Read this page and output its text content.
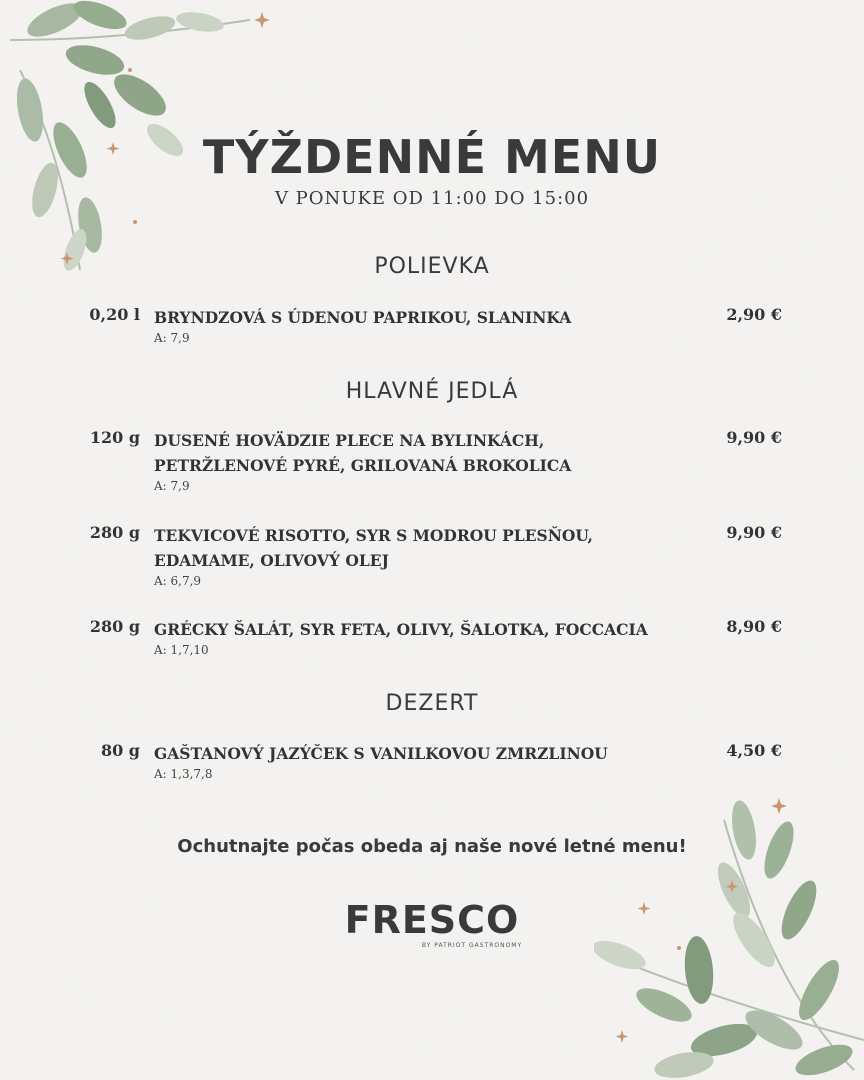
TÝŽDENNÉ MENU
V PONUKE OD 11:00 DO 15:00
POLIEVKA
0,20 l BRYNDZOVÁ S ÚDENOU PAPRIKOU, SLANINKA
A: 7,9
2,90 €
HLAVNÉ JEDLÁ
120 g DUSENÉ HOVÄDZIE PLECE NA BYLINKÁCH,
PETRŽLENOVÉ PYRÉ, GRILOVANÁ BROKOLICA
A: 7,9
9,90 €
280 g TEKVICOVÉ RISOTTO, SYR S MODROU PLESŇOU,
EDAMAME, OLIVOVÝ OLEJ
A: 6,7,9
9,90 €
280 g GRÉCKY ŠALÁT, SYR FETA, OLIVY, ŠALOTKA, FOCCACIA
A: 1,7,10
8,90 €
DEZERT
80 g GAŠTANOVÝ JAZÝČEK S VANILKOVOU ZMRZLINOU
A: 1,3,7,8
4,50 €
Ochutnajte počas obeda aj naše nové letné menu!
FRESCO
BY PATRIOT GASTRONOMY
